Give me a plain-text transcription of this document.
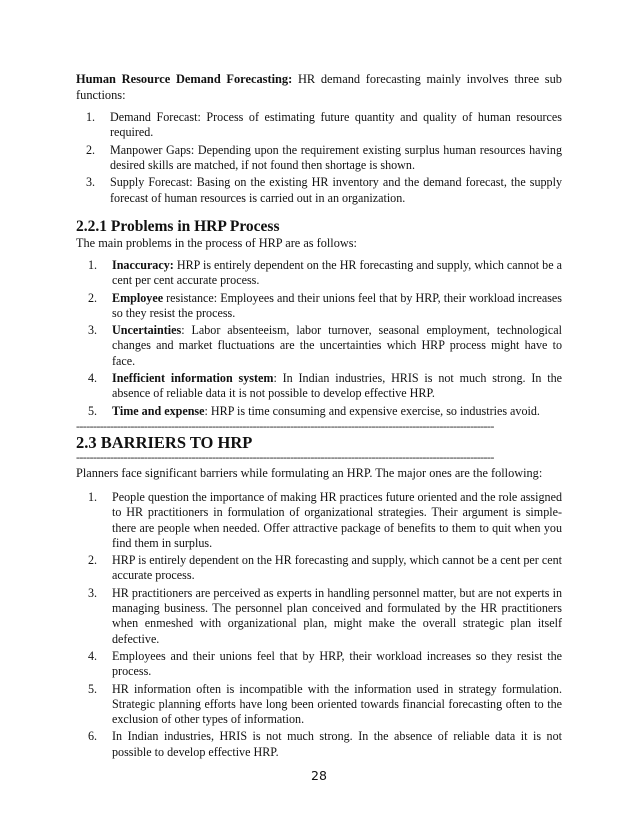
Human Resource Demand Forecasting: HR demand forecasting mainly involves three sub functions:

1.	Demand Forecast: Process of estimating future quantity and quality of human resources required.
2.	Manpower Gaps: Depending upon the requirement existing surplus human resources having desired skills are matched, if not found then shortage is shown.
3.	Supply Forecast: Basing on the existing HR inventory and the demand forecast, the supply forecast of human resources is carried out in an organization.
2.2.1 Problems in HRP Process

The main problems in the process of HRP are as follows:

1.	Inaccuracy: HRP is entirely dependent on the HR forecasting and supply, which cannot be a cent per cent accurate process.
2.	Employee resistance: Employees and their unions feel that by HRP, their workload increases so they resist the process.
3.	Uncertainties: Labor absenteeism, labor turnover, seasonal employment, technological changes and market fluctuations are the uncertainties which HRP process might have to face.
4.	Inefficient information system: In Indian industries, HRIS is not much strong. In the absence of reliable data it is not possible to develop effective HRP.
5.	Time and expense: HRP is time consuming and expensive exercise, so industries avoid.
---------------------------------------------------------------------------------------------------------------------------
2.3 BARRIERS TO HRP
---------------------------------------------------------------------------------------------------------------------------

Planners face significant barriers while formulating an HRP. The major ones are the following:

1.	People question the importance of making HR practices future oriented and the role assigned to HR practitioners in formulation of organizational strategies. Their argument is simple-there are people when needed. Offer attractive package of benefits to them to quit when you find them in surplus.
2.	HRP is entirely dependent on the HR forecasting and supply, which cannot be a cent per cent accurate process.
3.	HR practitioners are perceived as experts in handling personnel matter, but are not experts in managing business. The personnel plan conceived and formulated by the HR practitioners when enmeshed with organizational plan, might make the overall strategic plan itself defective.
4.	Employees and their unions feel that by HRP, their workload increases so they resist the process.
5.	HR information often is incompatible with the information used in strategy formulation. Strategic planning efforts have long been oriented towards financial forecasting often to the exclusion of other types of information.
6.	In Indian industries, HRIS is not much strong. In the absence of reliable data it is not possible to develop effective HRP.
28
